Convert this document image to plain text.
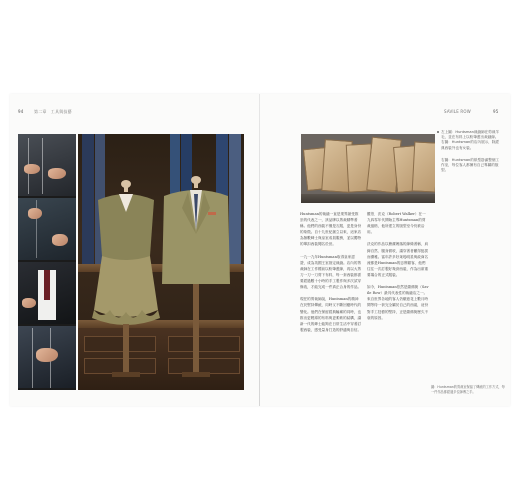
94	第二章　工具與技藝	SAVILE ROW	95

左上圖：Huntsman裁縫師在剪裁羊毛，並在布料上以粉筆畫出裁縫線。右圖：Huntsman的店內展示，除經典西裝外也有女裝。

右圖：Huntsman的紙型掛滿整個工作室，每位客人都擁有自己專屬的版型。

Huntsman的裁縫一直是業界最受推崇的代表之一，該品牌以剪裁精準著稱。他們的西裝不僅是衣服，更是身份的象徵。自十九世紀創立以來，這家店為無數紳士與皇室成員服務，並以獨特的單扣西裝聞名於世。

一九一九年Huntsman取得皇家認證，成為英國王室指定裁縫。店內的剪裁師在工作檯前以粉筆畫線，再以大剪刀一刀一刀剪下布料，每一套西裝都需要經過數十小時的手工製作與多次試穿修改，才能完成一件真正合身的作品。

現任的剪裁師說，Huntsman的精神在於堅持傳統，同時又不斷回應時代的變化。他們在保留經典輪廓的同時，也推出更輕薄的布料與更柔軟的結構，讓新一代的紳士能夠在日常生活中穿著訂製西裝，感受量身打造的舒適與自信。

羅伯．沃克（Robert Walker）在一九四零年代開始主導Huntsman的剪裁風格，他所建立的版型至今仍被沿用。

沃克的作品以簡潔俐落的線條著稱，肩線自然、腰身微收，讓穿著者顯得挺拔而優雅。當年許多好萊塢明星與政商名流都是Huntsman的忠實顧客，他們往往一次訂製好幾套西裝，作為出席重要場合的正式服裝。

如今，Huntsman依然是薩佛街（Savile Row）最具代表性的裁縫店之一。來自世界各地的客人仍願意花上數月時間等待一套完全屬於自己的西裝，這份對手工技藝的堅持，正是薩佛街歷久不衰的原因。

圖：Huntsman的剪裁室保留了傳統的工作方式，每一件作品都經過多位師傅之手。
